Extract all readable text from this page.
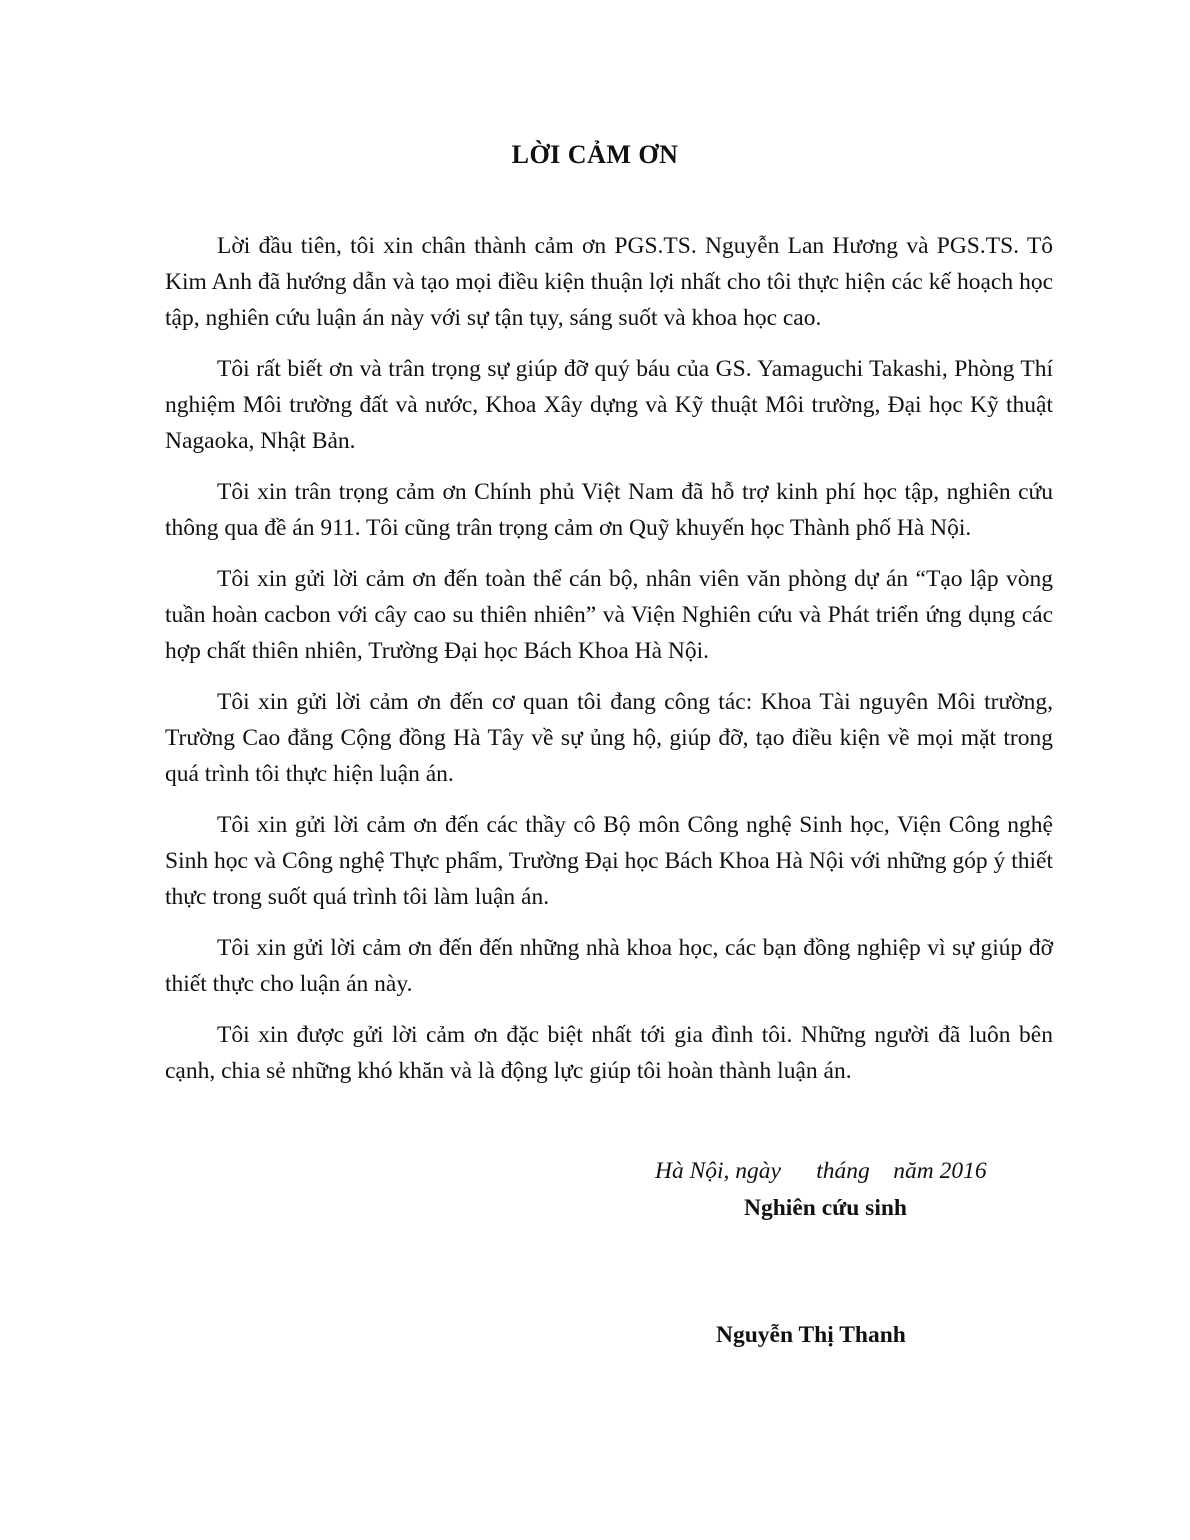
LỜI CẢM ƠN

Lời đầu tiên, tôi xin chân thành cảm ơn PGS.TS. Nguyễn Lan Hương và PGS.TS. Tô Kim Anh đã hướng dẫn và tạo mọi điều kiện thuận lợi nhất cho tôi thực hiện các kế hoạch học tập, nghiên cứu luận án này với sự tận tụy, sáng suốt và khoa học cao.

Tôi rất biết ơn và trân trọng sự giúp đỡ quý báu của GS. Yamaguchi Takashi, Phòng Thí nghiệm Môi trường đất và nước, Khoa Xây dựng và Kỹ thuật Môi trường, Đại học Kỹ thuật Nagaoka, Nhật Bản.

Tôi xin trân trọng cảm ơn Chính phủ Việt Nam đã hỗ trợ kinh phí học tập, nghiên cứu thông qua đề án 911. Tôi cũng trân trọng cảm ơn Quỹ khuyến học Thành phố Hà Nội.

Tôi xin gửi lời cảm ơn đến toàn thể cán bộ, nhân viên văn phòng dự án “Tạo lập vòng tuần hoàn cacbon với cây cao su thiên nhiên” và Viện Nghiên cứu và Phát triển ứng dụng các hợp chất thiên nhiên, Trường Đại học Bách Khoa Hà Nội.

Tôi xin gửi lời cảm ơn đến cơ quan tôi đang công tác: Khoa Tài nguyên Môi trường, Trường Cao đẳng Cộng đồng Hà Tây về sự ủng hộ, giúp đỡ, tạo điều kiện về mọi mặt trong quá trình tôi thực hiện luận án.

Tôi xin gửi lời cảm ơn đến các thầy cô Bộ môn Công nghệ Sinh học, Viện Công nghệ Sinh học và Công nghệ Thực phẩm, Trường Đại học Bách Khoa Hà Nội với những góp ý thiết thực trong suốt quá trình tôi làm luận án.

Tôi xin gửi lời cảm ơn đến đến những nhà khoa học, các bạn đồng nghiệp vì sự giúp đỡ thiết thực cho luận án này.

Tôi xin được gửi lời cảm ơn đặc biệt nhất tới gia đình tôi. Những người đã luôn bên cạnh, chia sẻ những khó khăn và là động lực giúp tôi hoàn thành luận án.

Hà Nội, ngày      tháng    năm 2016
Nghiên cứu sinh
Nguyễn Thị Thanh
